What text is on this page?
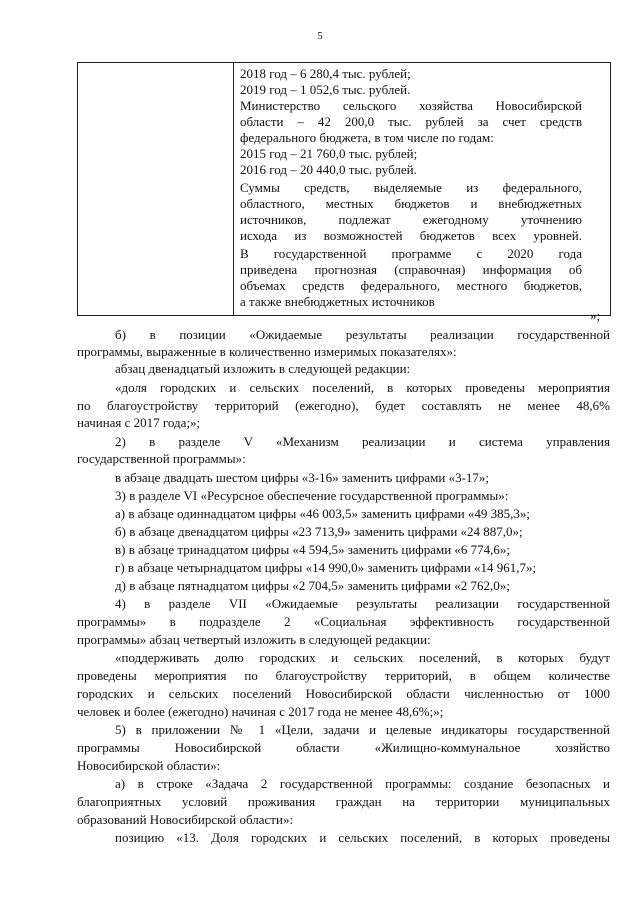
5
2018 год – 6 280,4 тыс. рублей;
2019 год – 1 052,6 тыс. рублей.
Министерство сельского хозяйства Новосибирской
области – 42 200,0 тыс. рублей за счет средств
федерального бюджета, в том числе по годам:
2015 год – 21 760,0 тыс. рублей;
2016 год – 20 440,0 тыс. рублей.
Суммы средств, выделяемые из федерального,
областного, местных бюджетов и внебюджетных
источников, подлежат ежегодному уточнению
исхода из возможностей бюджетов всех уровней.
В государственной программе с 2020 года
приведена прогнозная (справочная) информация об
объемах средств федерального, местного бюджетов,
а также внебюджетных источников
»;
б) в позиции «Ожидаемые результаты реализации государственной
программы, выраженные в количественно измеримых показателях»:
абзац двенадцатый изложить в следующей редакции:
«доля городских и сельских поселений, в которых проведены мероприятия
по благоустройству территорий (ежегодно), будет составлять не менее 48,6%
начиная с 2017 года;»;
2) в разделе V «Механизм реализации и система управления
государственной программы»:
в абзаце двадцать шестом цифры «3-16» заменить цифрами «3-17»;
3) в разделе VI «Ресурсное обеспечение государственной программы»:
а) в абзаце одиннадцатом цифры «46 003,5» заменить цифрами «49 385,3»;
б) в абзаце двенадцатом цифры «23 713,9» заменить цифрами «24 887,0»;
в) в абзаце тринадцатом цифры «4 594,5» заменить цифрами «6 774,6»;
г) в абзаце четырнадцатом цифры «14 990,0» заменить цифрами «14 961,7»;
д) в абзаце пятнадцатом цифры «2 704,5» заменить цифрами «2 762,0»;
4) в разделе VII «Ожидаемые результаты реализации государственной
программы» в подразделе 2 «Социальная эффективность государственной
программы» абзац четвертый изложить в следующей редакции:
«поддерживать долю городских и сельских поселений, в которых будут
проведены мероприятия по благоустройству территорий, в общем количестве
городских и сельских поселений Новосибирской области численностью от 1000
человек и более (ежегодно) начиная с 2017 года не менее 48,6%;»;
5) в приложении № 1 «Цели, задачи и целевые индикаторы государственной
программы Новосибирской области «Жилищно-коммунальное хозяйство
Новосибирской области»:
а) в строке «Задача 2 государственной программы: создание безопасных и
благоприятных условий проживания граждан на территории муниципальных
образований Новосибирской области»:
позицию «13. Доля городских и сельских поселений, в которых проведены
